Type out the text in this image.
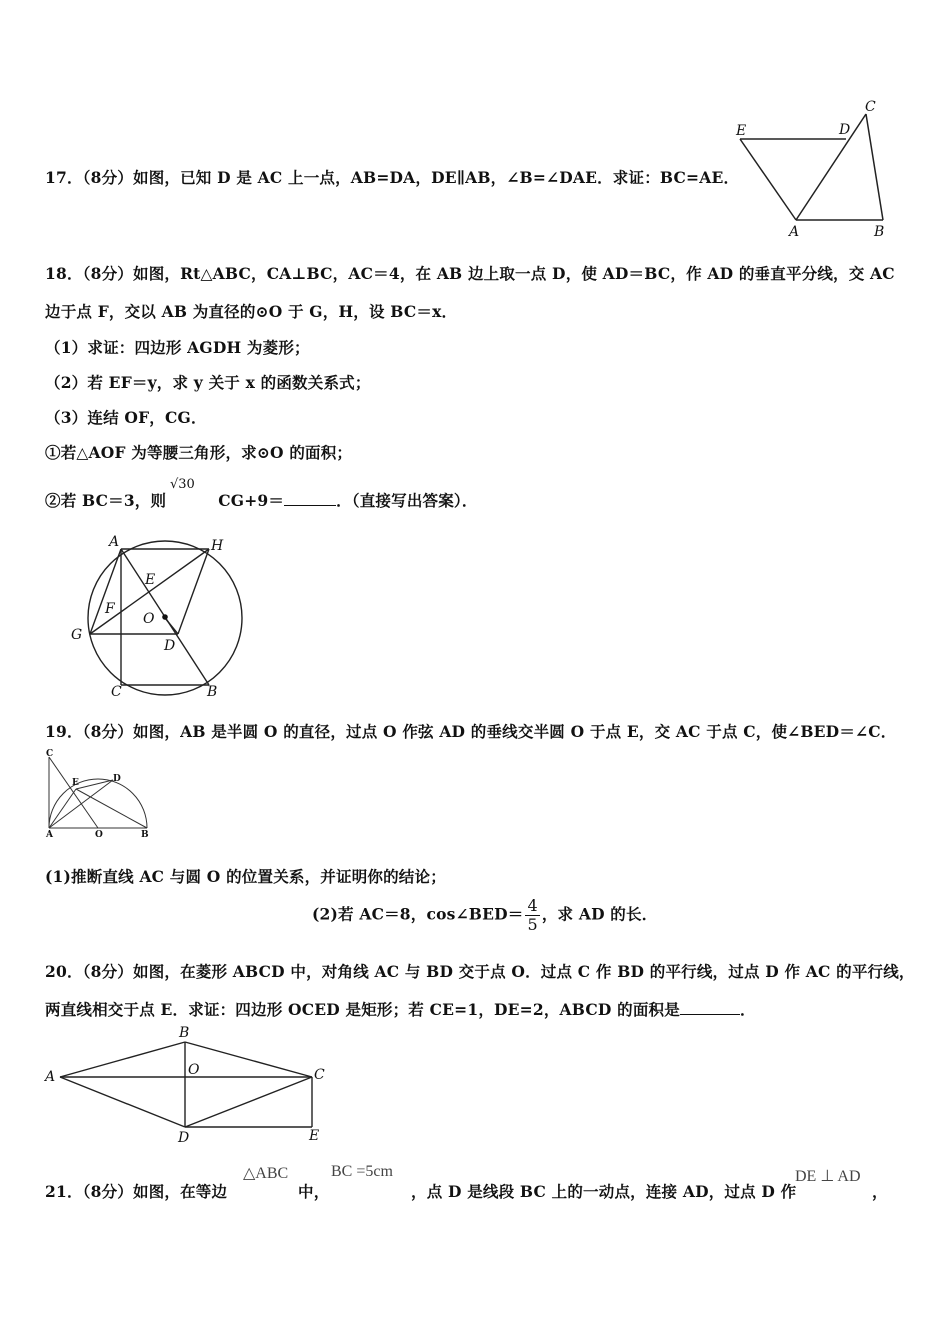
E	D
C
A	B
17．（8分）如图，已知 D 是 AC 上一点，AB=DA，DE∥AB，∠B=∠DAE．求证：BC=AE．
18．（8分）如图，Rt△ABC，CA⊥BC，AC＝4，在 AB 边上取一点 D，使 AD＝BC，作 AD 的垂直平分线，交 AC
边于点 F，交以 AB 为直径的⊙O 于 G，H，设 BC＝x．
（1）求证：四边形 AGDH 为菱形；
（2）若 EF＝y，求 y 关于 x 的函数关系式；
（3）连结 OF，CG．
①若△AOF 为等腰三角形，求⊙O 的面积；
②若 BC＝3，则	CG+9＝	．（直接写出答案）．
√30
A	H
E
F
O
G
D
C	B
19．（8分）如图，AB 是半圆 O 的直径，过点 O 作弦 AD 的垂线交半圆 O 于点 E，交 AC 于点 C，使∠BED＝∠C．
C
E	D
A	O	B
(1)推断直线 AC 与圆 O 的位置关系，并证明你的结论；
(2)若 AC＝8，cos∠BED＝ $\frac{4}{5}$ ，求 AD 的长．
20．（8分）如图，在菱形 ABCD 中，对角线 AC 与 BD 交于点 O．过点 C 作 BD 的平行线，过点 D 作 AC 的平行线，
两直线相交于点 E．求证：四边形 OCED 是矩形；若 CE=1，DE=2，ABCD 的面积是	．
A
B
O	C
D	E
21．（8分）如图，在等边
△ABC
中，
BC =5cm
，点 D 是线段 BC 上的一动点，连接 AD，过点 D 作
DE ⊥ AD
，
